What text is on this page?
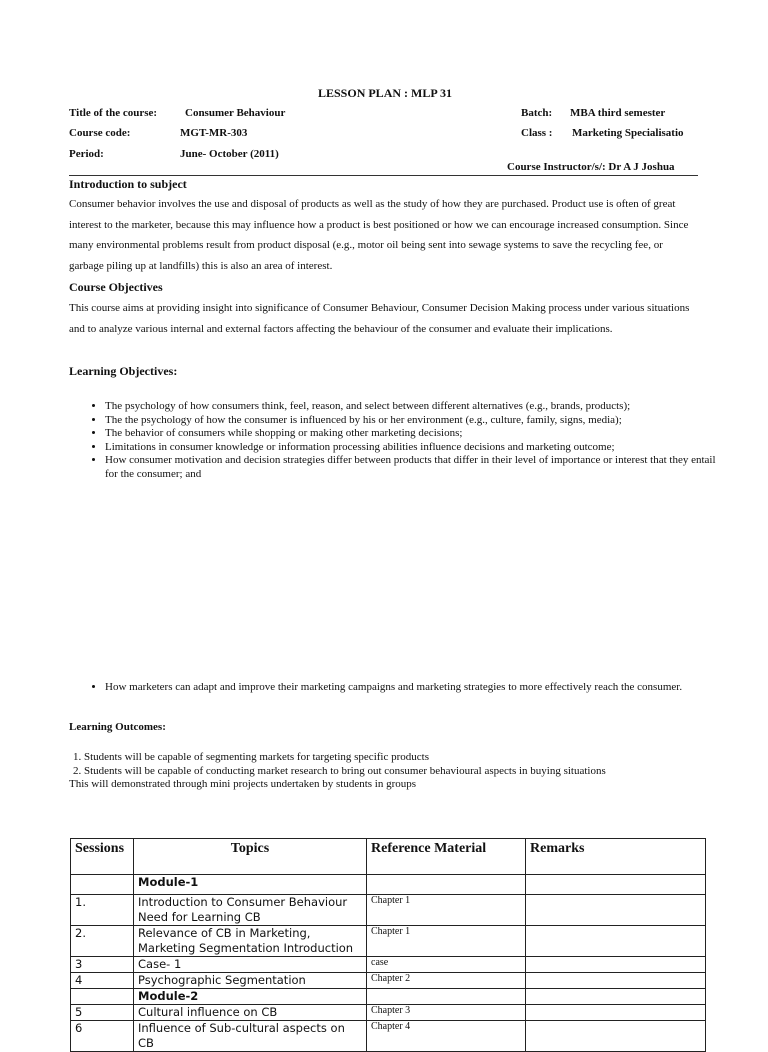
LESSON PLAN : MLP 31
Title of the course:	Consumer Behaviour	Batch: MBA third semester
Course code:	MGT-MR-303	Class : Marketing Specialisatio
Period:	June- October (2011)
Course Instructor/s/: Dr A J Joshua
Introduction to subject
Consumer behavior involves the use and disposal of products as well as the study of how they are purchased. Product use is often of great interest to the marketer, because this may influence how a product is best positioned or how we can encourage increased consumption. Since many environmental problems result from product disposal (e.g., motor oil being sent into sewage systems to save the recycling fee, or garbage piling up at landfills) this is also an area of interest.
Course Objectives
This course aims at providing insight into significance of Consumer Behaviour, Consumer Decision Making process under various situations and to analyze various internal and external factors affecting the behaviour of the consumer and evaluate their implications.
Learning Objectives:
• The psychology of how consumers think, feel, reason, and select between different alternatives (e.g., brands, products);
• The the psychology of how the consumer is influenced by his or her environment (e.g., culture, family, signs, media);
• The behavior of consumers while shopping or making other marketing decisions;
• Limitations in consumer knowledge or information processing abilities influence decisions and marketing outcome;
• How consumer motivation and decision strategies differ between products that differ in their level of importance or interest that they entail for the consumer; and
• How marketers can adapt and improve their marketing campaigns and marketing strategies to more effectively reach the consumer.
Learning Outcomes:
1. Students will be capable of segmenting markets for targeting specific products
2. Students will be capable of conducting market research to bring out consumer behavioural aspects in buying situations
This will demonstrated through mini projects undertaken by students in groups
Sessions	Topics	Reference Material	Remarks
	Module-1		
1.	Introduction to Consumer Behaviour Need for Learning CB	Chapter 1	
2.	Relevance of CB in Marketing, Marketing Segmentation Introduction	Chapter 1	
3	Case- 1	case	
4	Psychographic Segmentation	Chapter 2	
	Module-2		
5	Cultural influence on CB	Chapter 3	
6	Influence of Sub-cultural aspects on CB	Chapter 4	
